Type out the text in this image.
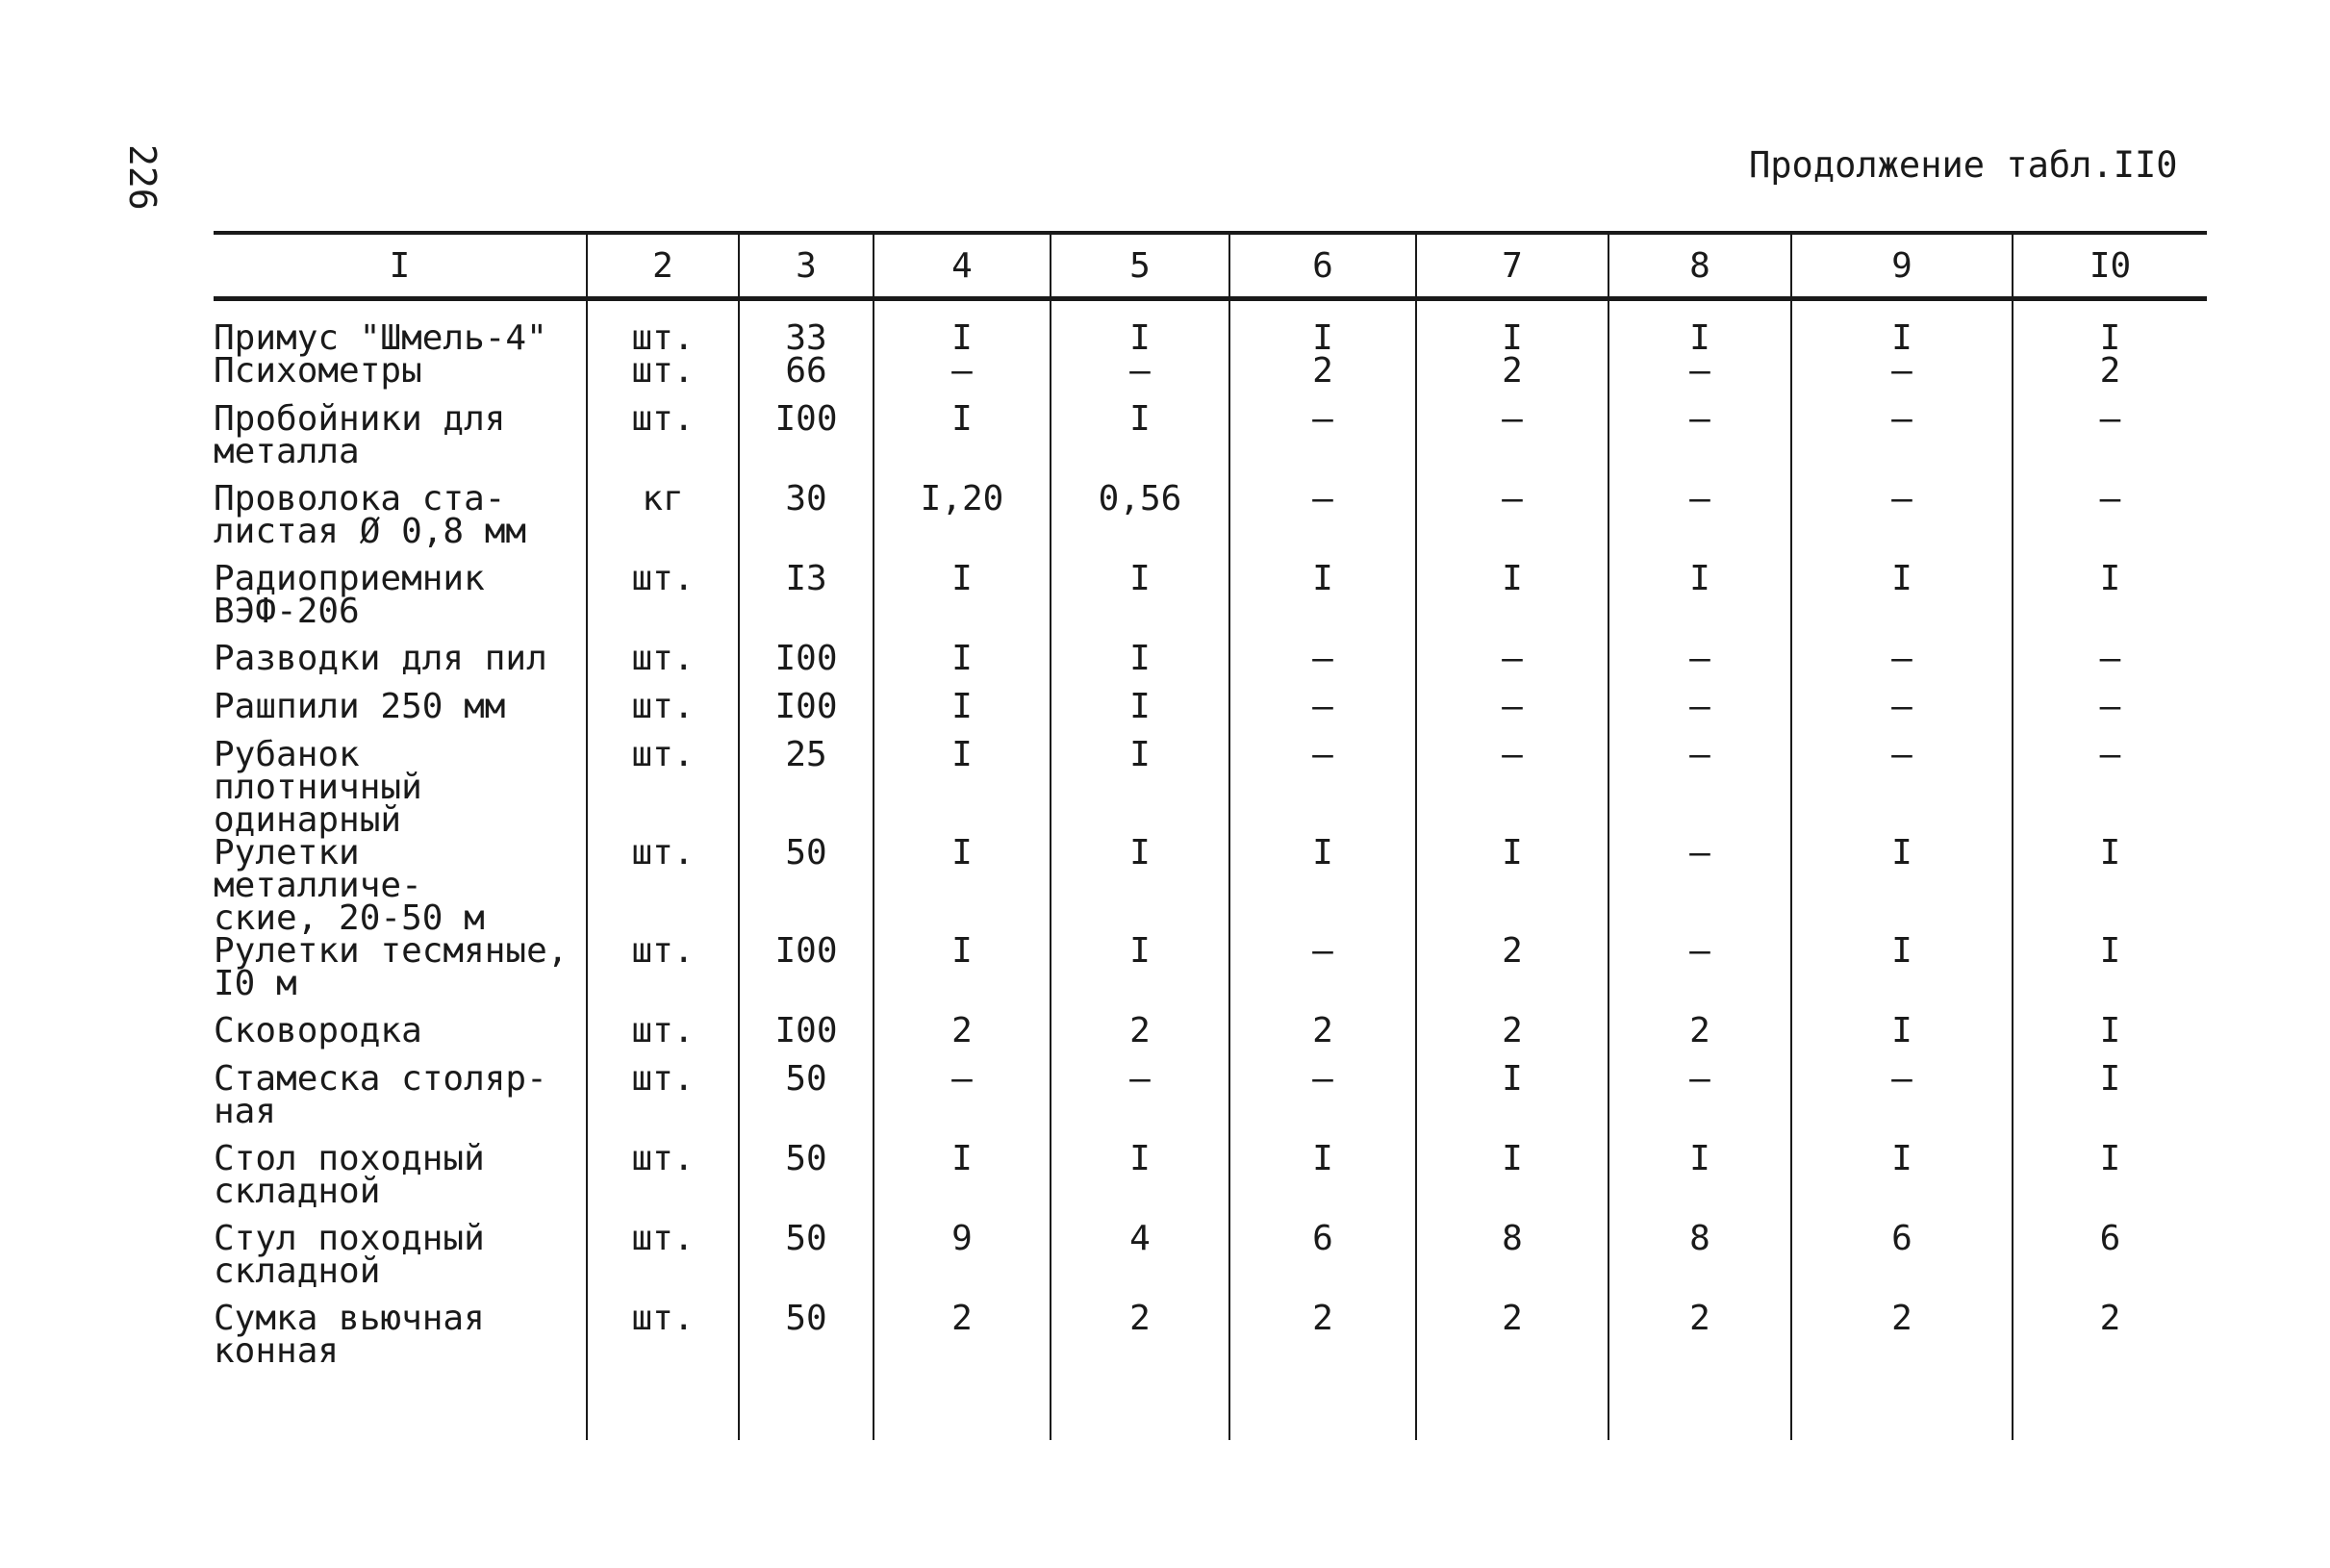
226	Продолжение табл.II0
I	2	3	4	5	6	7	8	9	I0
Примус "Шмель-4"	шт.	33	I	I	I	I	I	I	I
Психометры	шт.	66	–	–	2	2	–	–	2
Пробойники для
металла	шт.	I00	I	I	–	–	–	–	–
Проволока ста-
листая Ø 0,8 мм	кг	30	I,20	0,56	–	–	–	–	–
Радиоприемник
ВЭФ-206	шт.	I3	I	I	I	I	I	I	I
Разводки для пил	шт.	I00	I	I	–	–	–	–	–
Рашпили 250 мм	шт.	I00	I	I	–	–	–	–	–
Рубанок плотничный
одинарный	шт.	25	I	I	–	–	–	–	–
Рулетки металличе-
ские, 20-50 м	шт.	50	I	I	I	I	–	I	I
Рулетки тесмяные,
I0 м	шт.	I00	I	I	–	2	–	I	I
Сковородка	шт.	I00	2	2	2	2	2	I	I
Стамеска столяр-
ная	шт.	50	–	–	–	I	–	–	I
Стол походный
складной	шт.	50	I	I	I	I	I	I	I
Стул походный
складной	шт.	50	9	4	6	8	8	6	6
Сумка вьючная
конная	шт.	50	2	2	2	2	2	2	2
